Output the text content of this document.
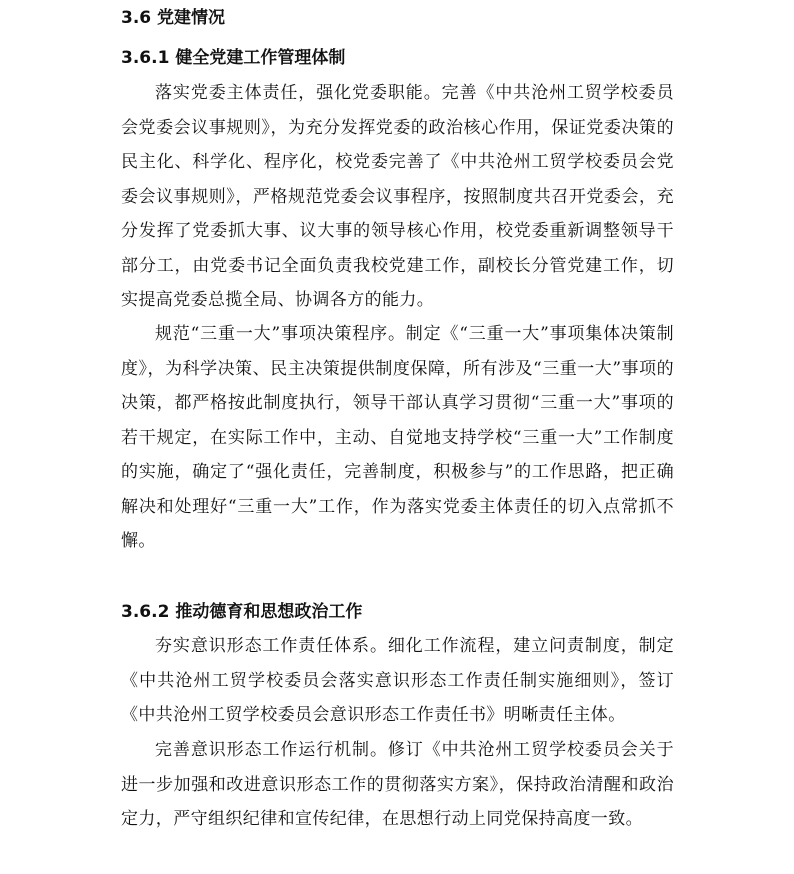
3.6 党建情况
3.6.1 健全党建工作管理体制

落实党委主体责任，强化党委职能。完善《中共沧州工贸学校委员会党委会议事规则》，为充分发挥党委的政治核心作用，保证党委决策的民主化、科学化、程序化，校党委完善了《中共沧州工贸学校委员会党委会议事规则》，严格规范党委会议事程序，按照制度共召开党委会，充分发挥了党委抓大事、议大事的领导核心作用，校党委重新调整领导干部分工，由党委书记全面负责我校党建工作，副校长分管党建工作，切实提高党委总揽全局、协调各方的能力。

规范“三重一大”事项决策程序。制定《“三重一大”事项集体决策制度》，为科学决策、民主决策提供制度保障，所有涉及“三重一大”事项的决策，都严格按此制度执行，领导干部认真学习贯彻“三重一大”事项的若干规定，在实际工作中，主动、自觉地支持学校“三重一大”工作制度的实施，确定了“强化责任，完善制度，积极参与”的工作思路，把正确解决和处理好“三重一大”工作，作为落实党委主体责任的切入点常抓不懈。

3.6.2 推动德育和思想政治工作

夯实意识形态工作责任体系。细化工作流程，建立问责制度，制定《中共沧州工贸学校委员会落实意识形态工作责任制实施细则》，签订《中共沧州工贸学校委员会意识形态工作责任书》明晰责任主体。

完善意识形态工作运行机制。修订《中共沧州工贸学校委员会关于进一步加强和改进意识形态工作的贯彻落实方案》，保持政治清醒和政治定力，严守组织纪律和宣传纪律，在思想行动上同党保持高度一致。
